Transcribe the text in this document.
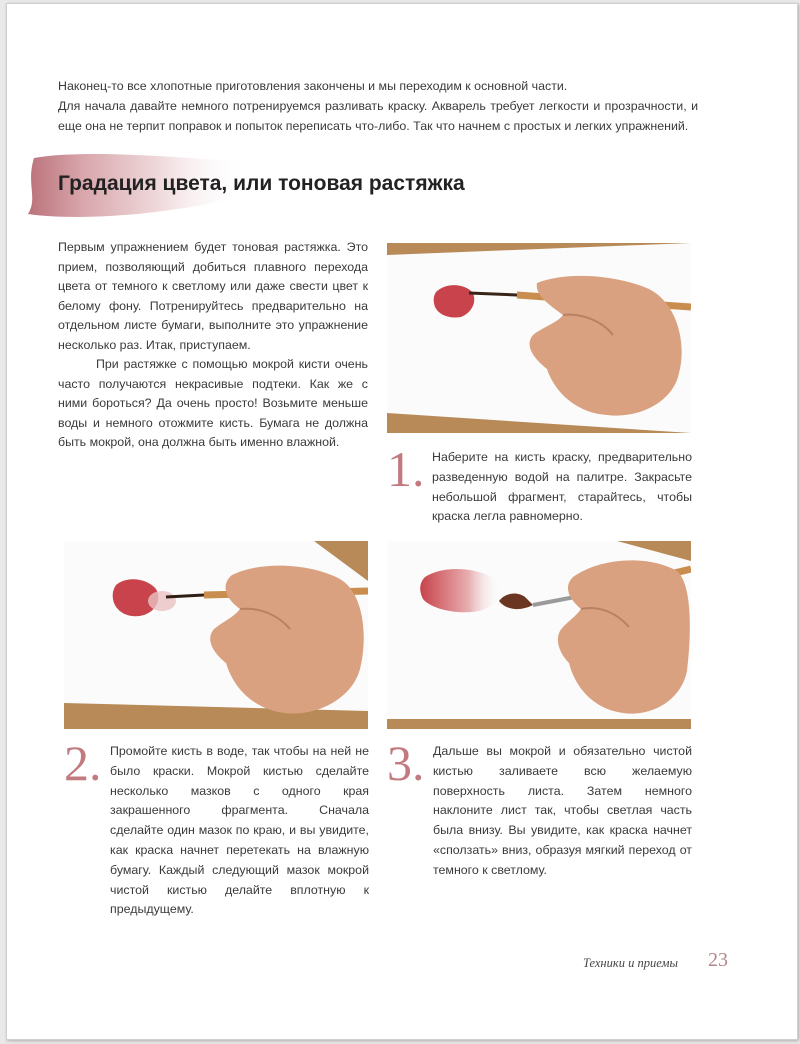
Наконец-то все хлопотные приготовления закончены и мы переходим к основной части.

Для начала давайте немного потренируемся разливать краску. Акварель требует легкости и прозрачности, и еще она не терпит поправок и попыток переписать что-либо. Так что начнем с простых и легких упражнений.

Градация цвета, или тоновая растяжка

Первым упражнением будет тоновая растяжка. Это прием, позволяющий добиться плавного перехода цвета от темного к светлому или даже свести цвет к белому фону. Потренируйтесь предварительно на отдельном листе бумаги, выполните это упражнение несколько раз. Итак, приступаем.

При растяжке с помощью мокрой кисти очень часто получаются некрасивые подтеки. Как же с ними бороться? Да очень просто! Возьмите меньше воды и немного отожмите кисть. Бумага не должна быть мокрой, она должна быть именно влажной. 1. Наберите на кисть краску, предварительно разведенную водой на палитре. Закрасьте небольшой фрагмент, старайтесь, чтобы краска легла равномерно.
2. Промойте кисть в воде, так чтобы на ней не было краски. Мокрой кистью сделайте несколько мазков с одного края закрашенного фрагмента. Сначала сделайте один мазок по краю, и вы увидите, как краска начнет перетекать на влажную бумагу. Каждый следующий мазок мокрой чистой кистью делайте вплотную к предыдущему.
3. Дальше вы мокрой и обязательно чистой кистью заливаете всю желаемую поверхность листа. Затем немного наклоните лист так, чтобы светлая часть была внизу. Вы увидите, как краска начнет «сползать» вниз, образуя мягкий переход от темного к светлому.
Техники и приемы 23
